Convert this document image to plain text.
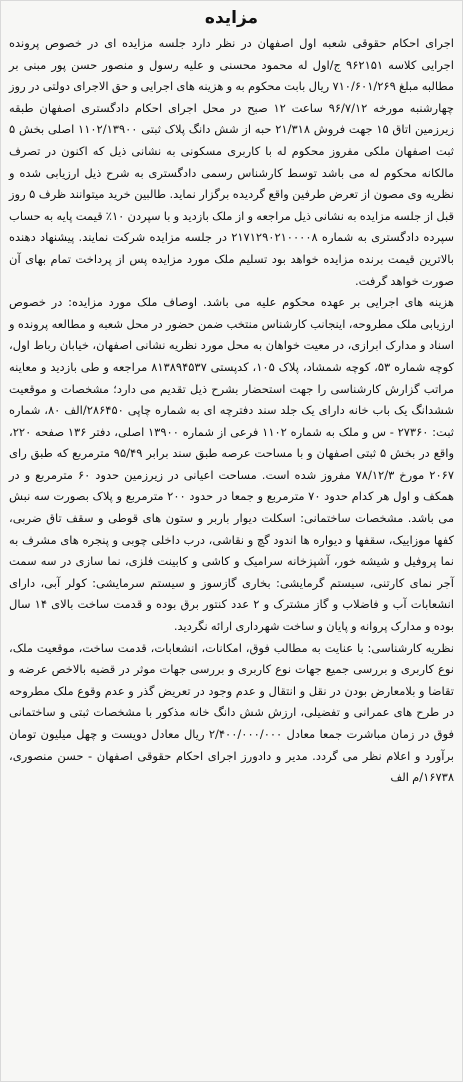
مزایده

اجرای احکام حقوقی شعبه اول اصفهان در نظر دارد جلسه مزایده ای در خصوص پرونده اجرایی کلاسه ۹۶۲۱۵۱ ج/اول له محمود محسنی و علیه رسول و منصور حسن پور مبنی بر مطالبه مبلغ ۷۱۰/۶۰۱/۲۶۹ ریال بابت محکوم به و هزینه های اجرایی و حق الاجرای دولتی در روز چهارشنبه مورخه ۹۶/۷/۱۲ ساعت ۱۲ صبح در محل اجرای احکام دادگستری اصفهان طبقه زیرزمین اتاق ۱۵ جهت فروش ۲۱/۳۱۸ حبه از شش دانگ پلاک ثبتی ۱۱۰۲/۱۳۹۰۰ اصلی بخش ۵ ثبت اصفهان ملکی مفروز محکوم له با کاربری مسکونی به نشانی ذیل که اکنون در تصرف مالکانه محکوم له می باشد توسط کارشناس رسمی دادگستری به شرح ذیل ارزیابی شده و نظریه وی مصون از تعرض طرفین واقع گردیده برگزار نماید. طالبین خرید میتوانند ظرف ۵ روز قبل از جلسه مزایده به نشانی ذیل مراجعه و از ملک بازدید و با سپردن ۱۰٪ قیمت پایه به حساب سپرده دادگستری به شماره ۲۱۷۱۲۹۰۲۱۰۰۰۰۸ در جلسه مزایده شرکت نمایند. پیشنهاد دهنده بالاترین قیمت برنده مزایده خواهد بود تسلیم ملک مورد مزایده پس از پرداخت تمام بهای آن صورت خواهد گرفت.

هزینه های اجرایی بر عهده محکوم علیه می باشد. اوصاف ملک مورد مزایده: در خصوص ارزیابی ملک مطروحه، اینجانب کارشناس منتخب ضمن حضور در محل شعبه و مطالعه پرونده و اسناد و مدارک ابرازی، در معیت خواهان به محل مورد نظریه نشانی اصفهان، خیابان رباط اول، کوچه شماره ۵۳، کوچه شمشاد، پلاک ۱۰۵، کدپستی ۸۱۳۸۹۴۵۳۷ مراجعه و طی بازدید و معاینه مراتب گزارش کارشناسی را جهت استحضار بشرح ذیل تقدیم می دارد؛ مشخصات و موقعیت ششدانگ یک باب خانه دارای یک جلد سند دفترچه ای به شماره چاپی ۲۸۶۴۵۰/الف ۸۰، شماره ثبت: ۲۷۳۶۰ - س و ملک به شماره ۱۱۰۲ فرعی از شماره ۱۳۹۰۰ اصلی، دفتر ۱۳۶ صفحه ۲۲۰، واقع در بخش ۵ ثبتی اصفهان و با مساحت عرصه طبق سند برابر ۹۵/۴۹ مترمربع که طبق رای ۲۰۶۷ مورخ ۷۸/۱۲/۳ مفروز شده است. مساحت اعیانی در زیرزمین حدود ۶۰ مترمربع و در همکف و اول هر کدام حدود ۷۰ مترمربع و جمعا در حدود ۲۰۰ مترمربع و پلاک بصورت سه نبش می باشد. مشخصات ساختمانی: اسکلت دیوار باربر و ستون های قوطی و سقف تاق ضربی، کفها موزاییک، سقفها و دیواره ها اندود گچ و نقاشی، درب داخلی چوبی و پنجره های مشرف به نما پروفیل و شیشه خور، آشپزخانه سرامیک و کاشی و کابینت فلزی، نما سازی در سه سمت آجر نمای کارتنی، سیستم گرمایشی: بخاری گازسوز و سیستم سرمایشی: کولر آبی، دارای انشعابات آب و فاضلاب و گاز مشترک و ۲ عدد کنتور برق بوده و قدمت ساخت بالای ۱۴ سال بوده و مدارک پروانه و پایان و ساخت شهرداری ارائه نگردید.

نظریه کارشناسی: با عنایت به مطالب فوق، امکانات، انشعابات، قدمت ساخت، موقعیت ملک، نوع کاربری و بررسی جمیع جهات نوع کاربری و بررسی جهات موثر در قضیه بالاخص عرضه و تقاضا و بلامعارض بودن در نقل و انتقال و عدم وجود در تعریض گذر و عدم وقوع ملک مطروحه در طرح های عمرانی و تفضیلی، ارزش شش دانگ خانه مذکور با مشخصات ثبتی و ساختمانی فوق در زمان مباشرت جمعا معادل ۲/۴۰۰/۰۰۰/۰۰۰ ریال معادل دویست و چهل میلیون تومان برآورد و اعلام نظر می گردد. مدیر و دادورز اجرای احکام حقوقی اصفهان - حسن منصوری، ۱۶۷۳۸/م الف
